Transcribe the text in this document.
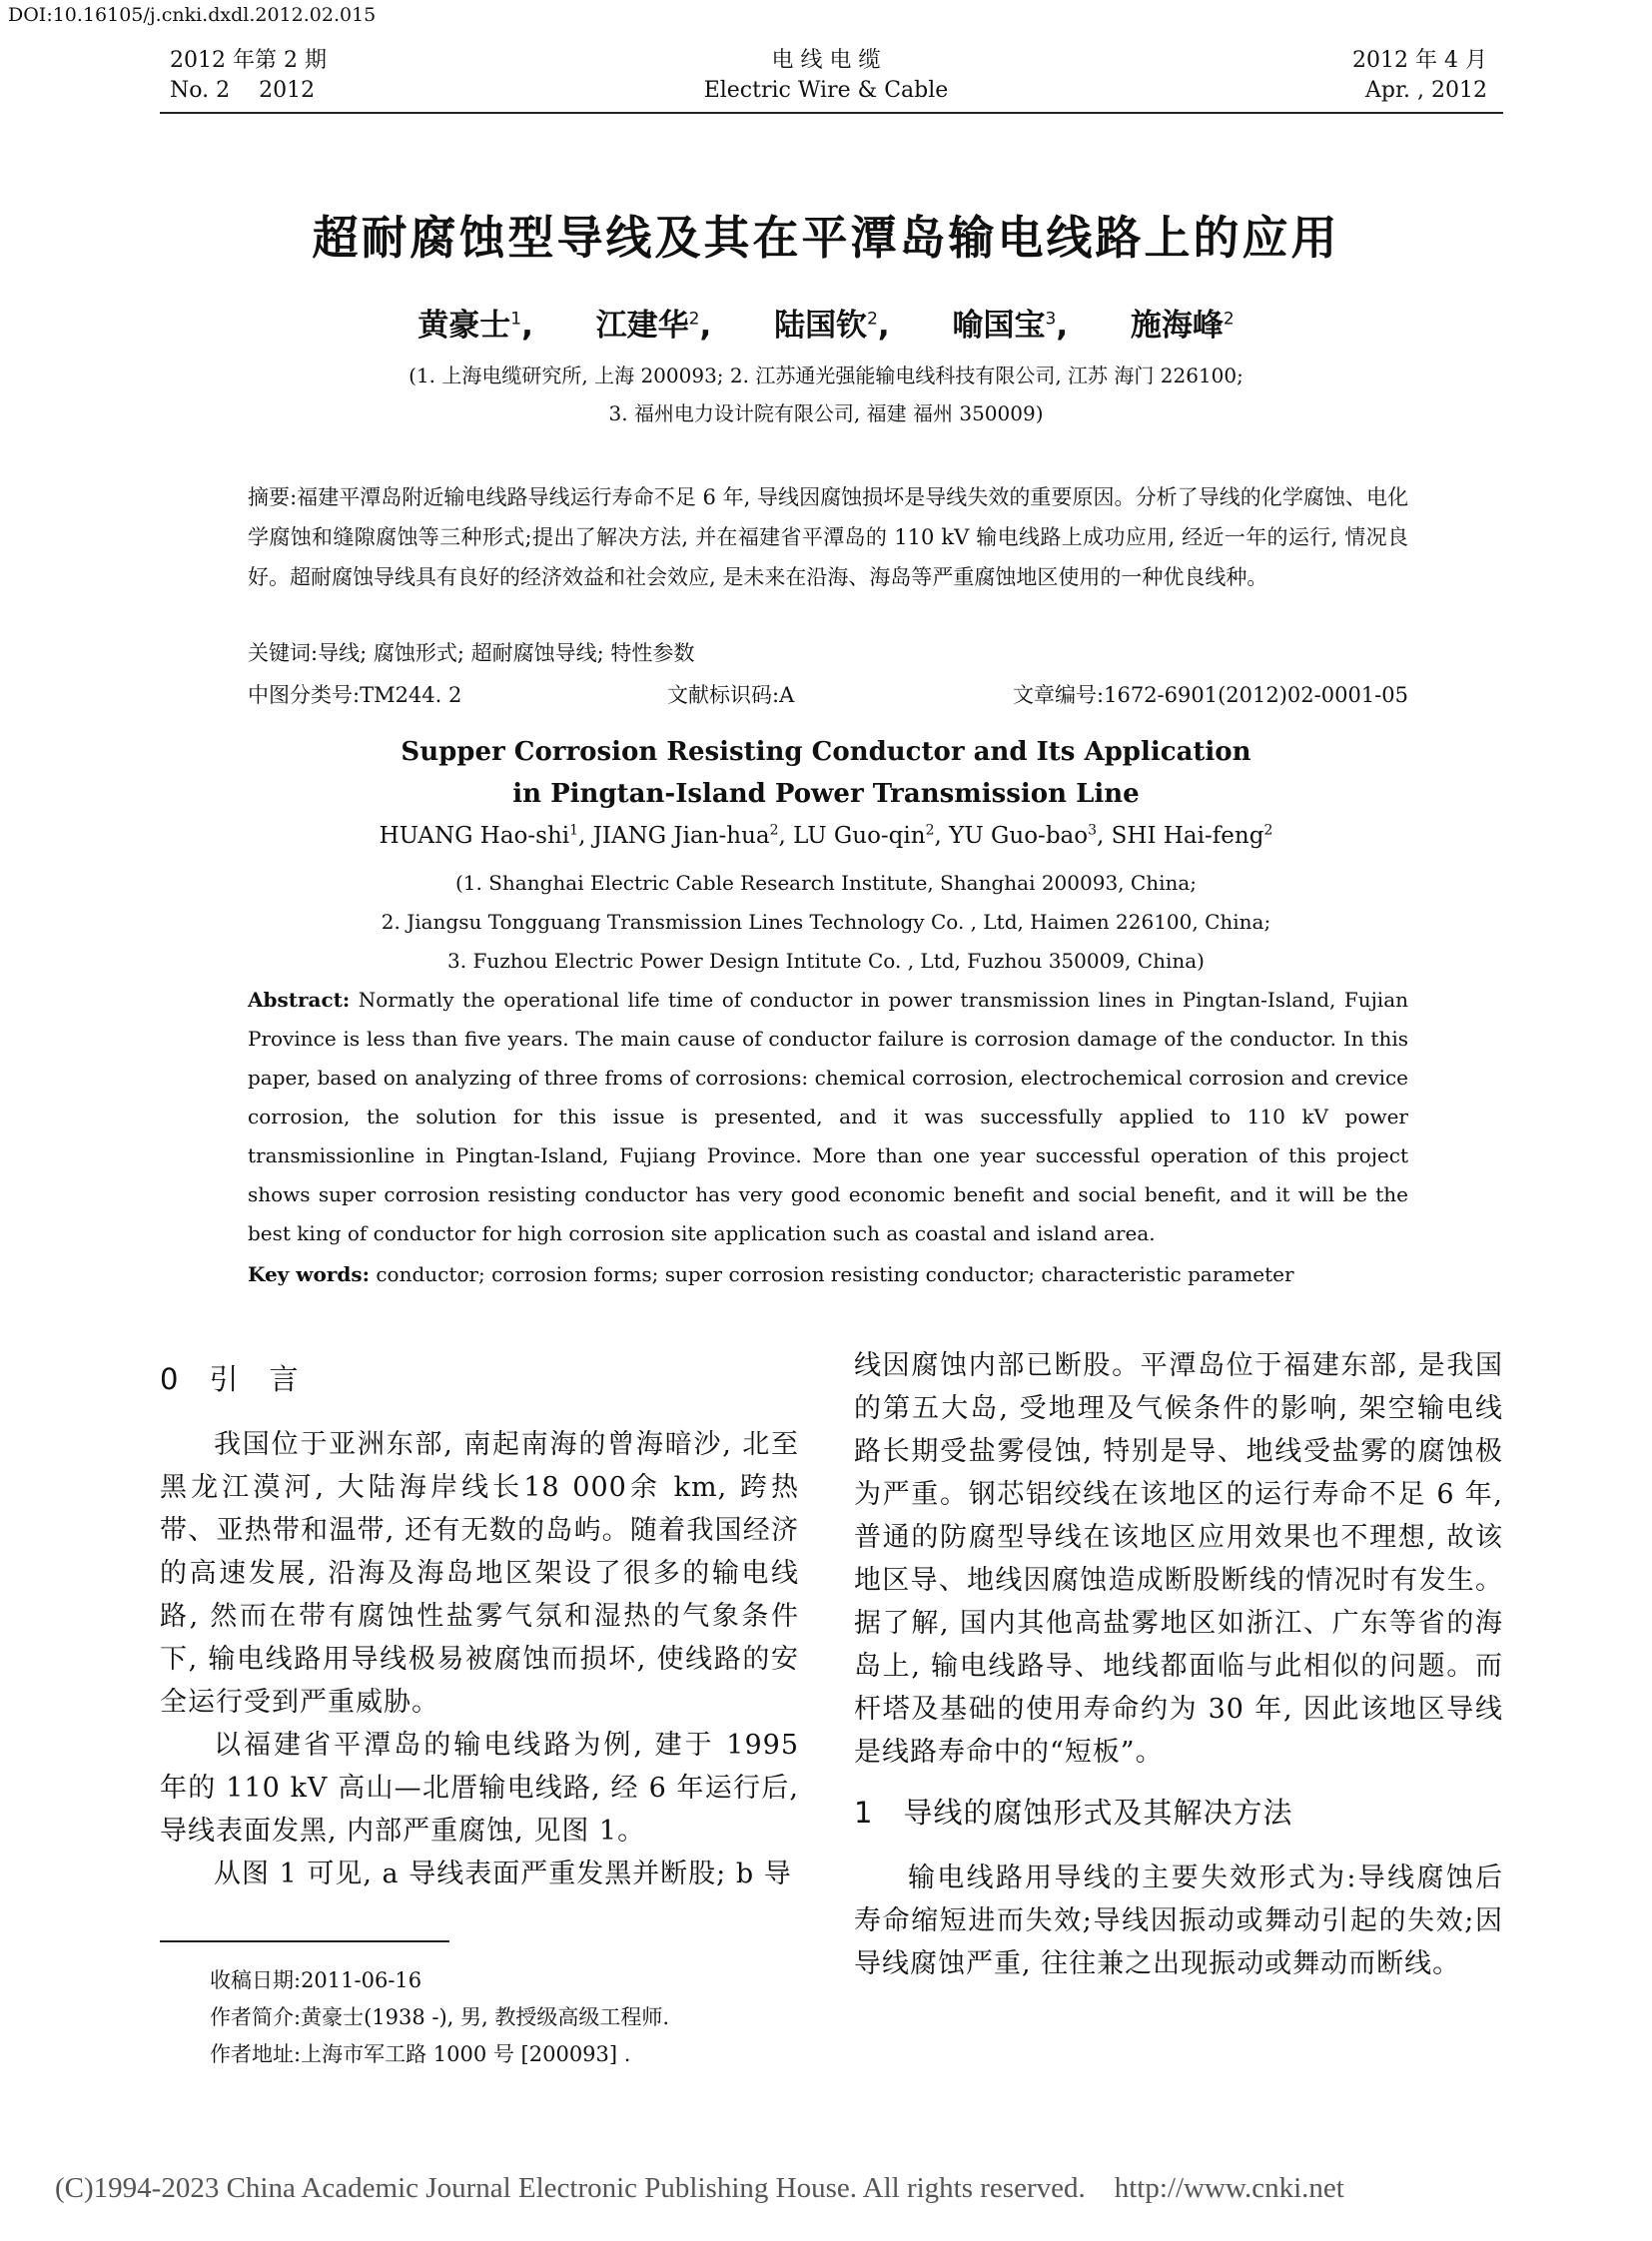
DOI:10.16105/j.cnki.dxdl.2012.02.015
2012 年第 2 期
No. 2　 2012
电 线 电 缆
Electric Wire & Cable
2012 年 4 月
Apr. , 2012
超耐腐蚀型导线及其在平潭岛输电线路上的应用
黄豪士$^1$, 江建华$^2$, 陆国钦$^2$, 喻国宝$^3$, 施海峰$^2$
(1. 上海电缆研究所, 上海 200093; 2. 江苏通光强能输电线科技有限公司, 江苏 海门 226100;
3. 福州电力设计院有限公司, 福建 福州 350009)
摘要:福建平潭岛附近输电线路导线运行寿命不足 6 年, 导线因腐蚀损坏是导线失效的重要原因。分析了导线的化学腐蚀、电化学腐蚀和缝隙腐蚀等三种形式;提出了解决方法, 并在福建省平潭岛的 110 kV 输电线路上成功应用, 经近一年的运行, 情况良好。超耐腐蚀导线具有良好的经济效益和社会效应, 是未来在沿海、海岛等严重腐蚀地区使用的一种优良线种。
关键词:导线; 腐蚀形式; 超耐腐蚀导线; 特性参数
中图分类号:TM244. 2	文献标识码:A	文章编号:1672-6901(2012)02-0001-05
Supper Corrosion Resisting Conductor and Its Application
in Pingtan-Island Power Transmission Line
HUANG Hao-shi$^1$, JIANG Jian-hua$^2$, LU Guo-qin$^2$, YU Guo-bao$^3$, SHI Hai-feng$^2$
(1. Shanghai Electric Cable Research Institute, Shanghai 200093, China;
2. Jiangsu Tongguang Transmission Lines Technology Co. , Ltd, Haimen 226100, China;
3. Fuzhou Electric Power Design Intitute Co. , Ltd, Fuzhou 350009, China)
Abstract: Normatly the operational life time of conductor in power transmission lines in Pingtan-Island, Fujian Province is less than five years. The main cause of conductor failure is corrosion damage of the conductor. In this paper, based on analyzing of three froms of corrosions: chemical corrosion, electrochemical corrosion and crevice corrosion, the solution for this issue is presented, and it was successfully applied to 110 kV power transmissionline in Pingtan-Island, Fujiang Province. More than one year successful operation of this project shows super corrosion resisting conductor has very good economic benefit and social benefit, and it will be the best king of conductor for high corrosion site application such as coastal and island area.
Key words: conductor; corrosion forms; super corrosion resisting conductor; characteristic parameter
0　引　言

我国位于亚洲东部, 南起南海的曾海暗沙, 北至黑龙江漠河, 大陆海岸线长18 000余 km, 跨热带、亚热带和温带, 还有无数的岛屿。随着我国经济的高速发展, 沿海及海岛地区架设了很多的输电线路, 然而在带有腐蚀性盐雾气氛和湿热的气象条件下, 输电线路用导线极易被腐蚀而损坏, 使线路的安全运行受到严重威胁。

以福建省平潭岛的输电线路为例, 建于 1995 年的 110 kV 高山—北厝输电线路, 经 6 年运行后, 导线表面发黑, 内部严重腐蚀, 见图 1。

从图 1 可见, a 导线表面严重发黑并断股; b 导

线因腐蚀内部已断股。平潭岛位于福建东部, 是我国的第五大岛, 受地理及气候条件的影响, 架空输电线路长期受盐雾侵蚀, 特别是导、地线受盐雾的腐蚀极为严重。钢芯铝绞线在该地区的运行寿命不足 6 年, 普通的防腐型导线在该地区应用效果也不理想, 故该地区导、地线因腐蚀造成断股断线的情况时有发生。据了解, 国内其他高盐雾地区如浙江、广东等省的海岛上, 输电线路导、地线都面临与此相似的问题。而杆塔及基础的使用寿命约为 30 年, 因此该地区导线是线路寿命中的“短板”。

1　导线的腐蚀形式及其解决方法

输电线路用导线的主要失效形式为:导线腐蚀后寿命缩短进而失效;导线因振动或舞动引起的失效;因导线腐蚀严重, 往往兼之出现振动或舞动而断线。

收稿日期:2011-06-16
作者简介:黄豪士(1938 -), 男, 教授级高级工程师.
作者地址:上海市军工路 1000 号 [200093] .
(C)1994-2023 China Academic Journal Electronic Publishing House. All rights reserved.　http://www.cnki.net
